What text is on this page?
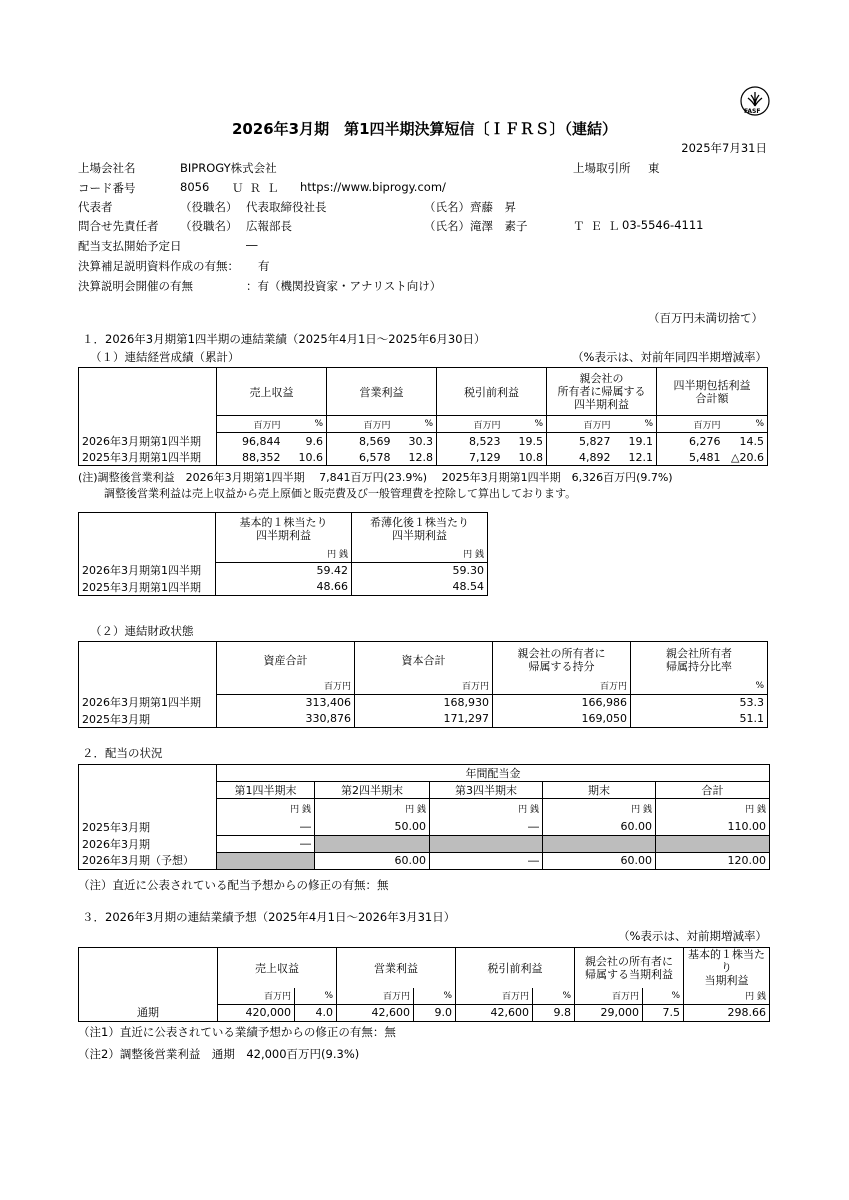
FASF
2026年3月期　第1四半期決算短信〔ＩＦＲＳ〕（連結）
2025年7月31日
上場会社名	BIPROGY株式会社	上場取引所 東
コード番号	8056 ＵＲＬ https://www.biprogy.com/
代表者	（役職名） 代表取締役社長	（氏名） 齊藤　昇
問合せ先責任者 （役職名） 広報部長	（氏名） 滝澤　素子	ＴＥＬ
03-5546-4111
配当支払開始予定日	―
決算補足説明資料作成の有無： 有
決算説明会開催の有無	：有（機関投資家・アナリスト向け）
（百万円未満切捨て）
１．2026年3月期第1四半期の連結業績（2025年4月1日～2025年6月30日）
（１）連結経営成績（累計）	（%表示は、対前年同四半期増減率）
	売上収益		営業利益		税引前利益		親会社の
所有者に帰属する
四半期利益		四半期包括利益
合計額	
	百万円	%	百万円	%	百万円	%	百万円	%	百万円	%
2026年3月期第1四半期	96,844	9.6	8,569	30.3	8,523	19.5	5,827	19.1	6,276	14.5
2025年3月期第1四半期	88,352	10.6	6,578	12.8	7,129	10.8	4,892	12.1	5,481	△20.6
(注)調整後営業利益　2026年3月期第1四半期　 7,841百万円(23.9%)　 2025年3月期第1四半期　6,326百万円(9.7%)
調整後営業利益は売上収益から売上原価と販売費及び一般管理費を控除して算出しております。
	基本的１株当たり
四半期利益	希薄化後１株当たり
四半期利益
	円 銭	円 銭
2026年3月期第1四半期	59.42	59.30
2025年3月期第1四半期	48.66	48.54
（２）連結財政状態
	資産合計	資本合計	親会社の所有者に
帰属する持分	親会社所有者
帰属持分比率
	百万円	百万円	百万円	%
2026年3月期第1四半期	313,406	168,930	166,986	53.3
2025年3月期	330,876	171,297	169,050	51.1
２．配当の状況
	年間配当金				
	第1四半期末	第2四半期末	第3四半期末	期末	合計
	円 銭	円 銭	円 銭	円 銭	円 銭
2025年3月期	―	50.00	―	60.00	110.00
2026年3月期	―				
2026年3月期（予想）		60.00	―	60.00	120.00
（注）直近に公表されている配当予想からの修正の有無：無
３．2026年3月期の連結業績予想（2025年4月1日～2026年3月31日）
（%表示は、対前期増減率）
	売上収益		営業利益		税引前利益		親会社の所有者に
帰属する当期利益		基本的１株当たり
当期利益
	百万円	%	百万円	%	百万円	%	百万円	%	円 銭
通期	420,000	4.0	42,600	9.0	42,600	9.8	29,000	7.5	298.66
（注1）直近に公表されている業績予想からの修正の有無：無
（注2）調整後営業利益　通期　42,000百万円(9.3%)
